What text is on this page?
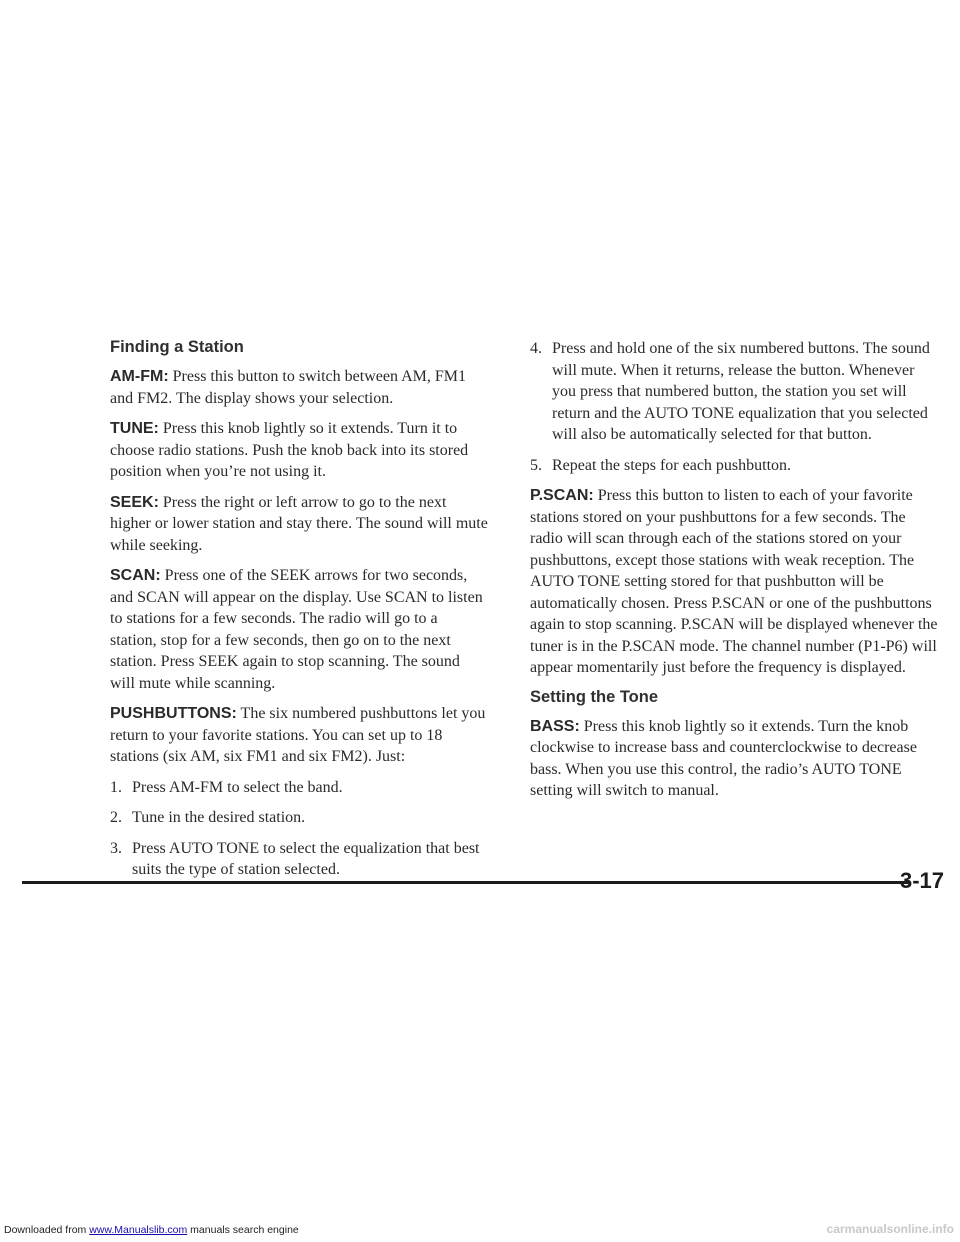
Finding a Station

AM-FM: Press this button to switch between AM, FM1 and FM2. The display shows your selection.

TUNE: Press this knob lightly so it extends. Turn it to choose radio stations. Push the knob back into its stored position when you’re not using it.

SEEK: Press the right or left arrow to go to the next higher or lower station and stay there. The sound will mute while seeking.

SCAN: Press one of the SEEK arrows for two seconds, and SCAN will appear on the display. Use SCAN to listen to stations for a few seconds. The radio will go to a station, stop for a few seconds, then go on to the next station. Press SEEK again to stop scanning. The sound will mute while scanning.

PUSHBUTTONS: The six numbered pushbuttons let you return to your favorite stations. You can set up to 18 stations (six AM, six FM1 and six FM2). Just:

1. Press AM-FM to select the band.
2. Tune in the desired station.
3. Press AUTO TONE to select the equalization that best suits the type of station selected.
4. Press and hold one of the six numbered buttons. The sound will mute. When it returns, release the button. Whenever you press that numbered button, the station you set will return and the AUTO TONE equalization that you selected will also be automatically selected for that button.
5. Repeat the steps for each pushbutton.

P.SCAN: Press this button to listen to each of your favorite stations stored on your pushbuttons for a few seconds. The radio will scan through each of the stations stored on your pushbuttons, except those stations with weak reception. The AUTO TONE setting stored for that pushbutton will be automatically chosen. Press P.SCAN or one of the pushbuttons again to stop scanning. P.SCAN will be displayed whenever the tuner is in the P.SCAN mode. The channel number (P1-P6) will appear momentarily just before the frequency is displayed.

Setting the Tone

BASS: Press this knob lightly so it extends. Turn the knob clockwise to increase bass and counterclockwise to decrease bass. When you use this control, the radio’s AUTO TONE setting will switch to manual.

3-17
Downloaded from www.Manualslib.com manuals search engine	carmanualsonline.info
